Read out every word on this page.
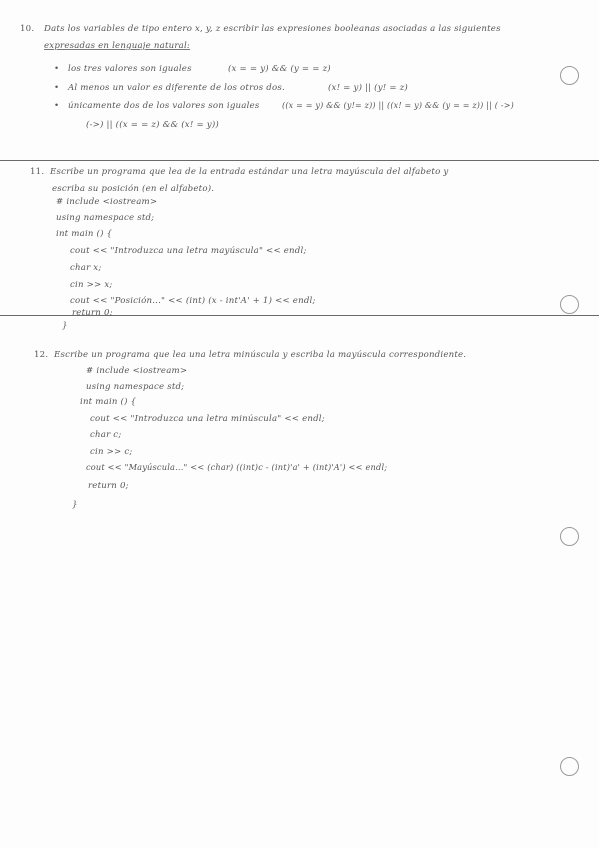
10. Dats los variables de tipo entero x, y, z escribir las expresiones booleanas asociadas a las siguientes
expresadas en lenguaje natural:
• los tres valores son iguales	(x = = y) && (y = = z)
• Al menos un valor es diferente de los otros dos.	(x! = y) || (y! = z)
• únicamente dos de los valores son iguales	((x = = y) && (y!= z)) || ((x! = y) && (y = = z)) || ( ->)
(->) || ((x = = z) && (x! = y))
11. Escribe un programa que lea de la entrada estándar una letra mayúscula del alfabeto y
escriba su posición (en el alfabeto).
# include <iostream>
using namespace std;
int main () {
cout << "Introduzca una letra mayúscula" << endl;
char x;
cin >> x;
cout << "Posición..." << (int) (x - int'A' + 1) << endl;
return 0;
}
12. Escribe un programa que lea una letra minúscula y escriba la mayúscula correspondiente.
# include <iostream>
using namespace std;
int main () {
cout << "Introduzca una letra minúscula" << endl;
char c;
cin >> c;
cout << "Mayúscula..." << (char) ((int)c - (int)'a' + (int)'A') << endl;
return 0;
}
